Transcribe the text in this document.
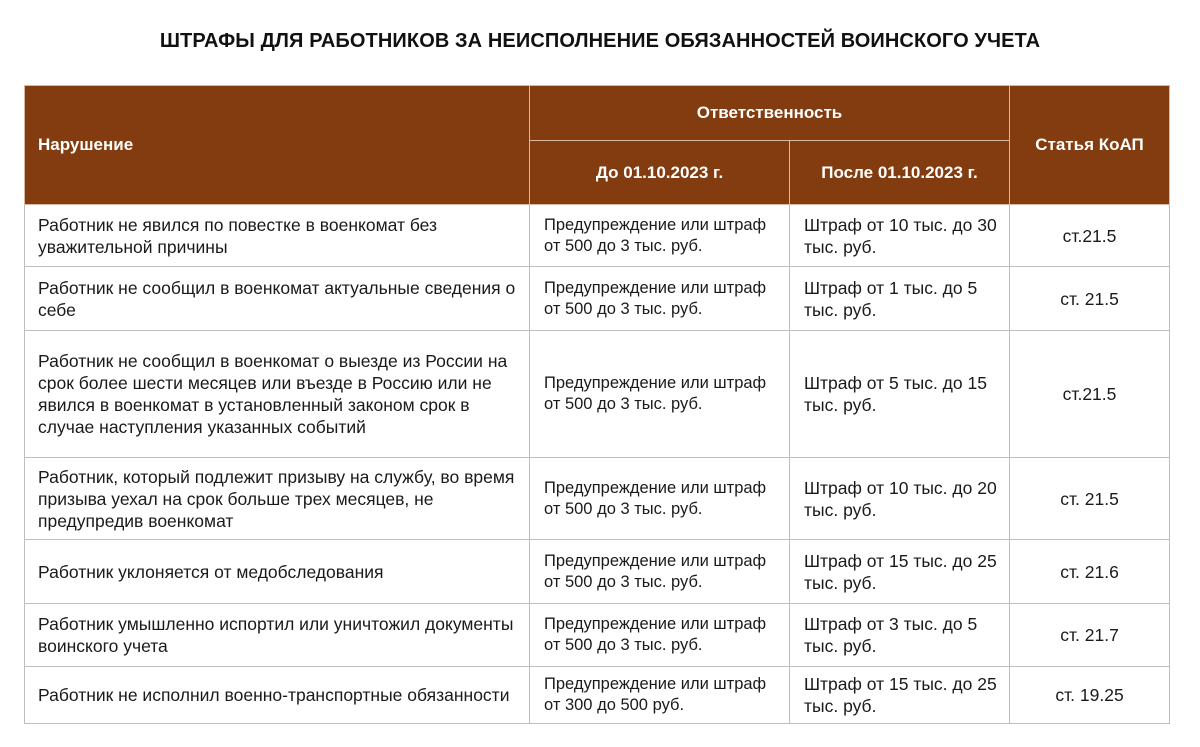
ШТРАФЫ ДЛЯ РАБОТНИКОВ ЗА НЕИСПОЛНЕНИЕ ОБЯЗАННОСТЕЙ ВОИНСКОГО УЧЕТА
Нарушение	Ответственность		Статья КоАП
	До 01.10.2023 г.	После 01.10.2023 г.	
Работник не явился по повестке в военкомат без уважительной причины	Предупреждение или штраф от 500 до 3 тыс. руб.	Штраф от 10 тыс. до 30 тыс. руб.	ст.21.5
Работник не сообщил в военкомат актуальные сведения о себе	Предупреждение или штраф от 500 до 3 тыс. руб.	Штраф от 1 тыс. до 5 тыс. руб.	ст. 21.5
Работник не сообщил в военкомат о выезде из России на срок более шести месяцев или въезде в Россию или не явился в военкомат в установленный законом срок в случае наступления указанных событий	Предупреждение или штраф от 500 до 3 тыс. руб.	Штраф от 5 тыс. до 15 тыс. руб.	ст.21.5
Работник, который подлежит призыву на службу, во время призыва уехал на срок больше трех месяцев, не предупредив военкомат	Предупреждение или штраф от 500 до 3 тыс. руб.	Штраф от 10 тыс. до 20 тыс. руб.	ст. 21.5
Работник уклоняется от медобследования	Предупреждение или штраф от 500 до 3 тыс. руб.	Штраф от 15 тыс. до 25 тыс. руб.	ст. 21.6
Работник умышленно испортил или уничтожил документы воинского учета	Предупреждение или штраф от 500 до 3 тыс. руб.	Штраф от 3 тыс. до 5 тыс. руб.	ст. 21.7
Работник не исполнил военно-транспортные обязанности	Предупреждение или штраф от 300 до 500 руб.	Штраф от 15 тыс. до 25 тыс. руб.	ст. 19.25
